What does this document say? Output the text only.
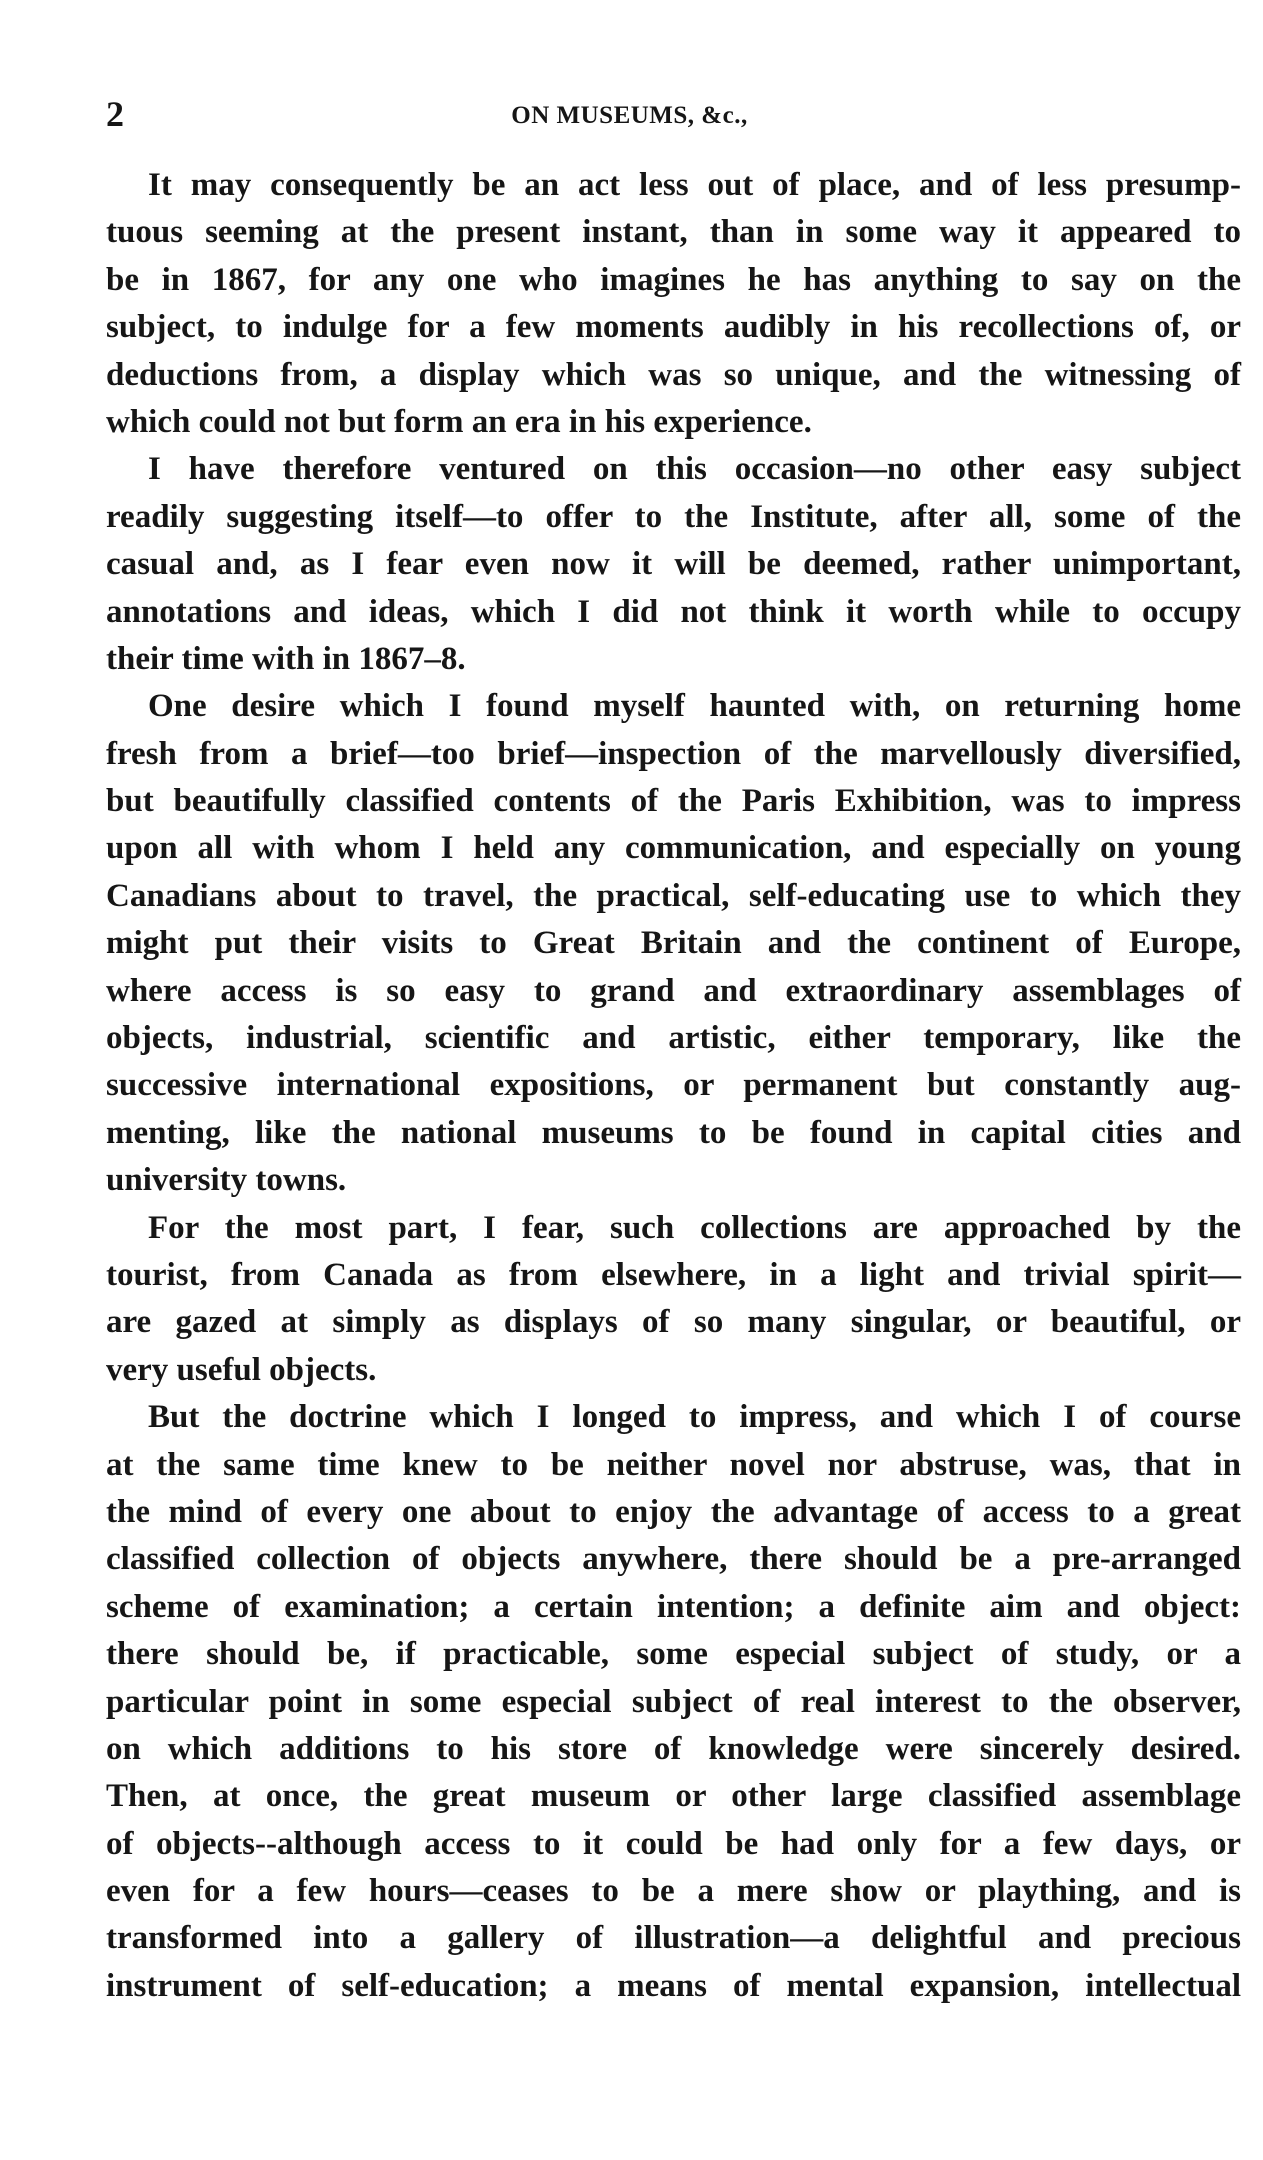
2	ON MUSEUMS, &c.,
It may consequently be an act less out of place, and of less presump-
tuous seeming at the present instant, than in some way it appeared to
be in 1867, for any one who imagines he has anything to say on the
subject, to indulge for a few moments audibly in his recollections of, or
deductions from, a display which was so unique, and the witnessing of
which could not but form an era in his experience.
I have therefore ventured on this occasion—no other easy subject
readily suggesting itself—to offer to the Institute, after all, some of the
casual and, as I fear even now it will be deemed, rather unimportant,
annotations and ideas, which I did not think it worth while to occupy
their time with in 1867–8.
One desire which I found myself haunted with, on returning home
fresh from a brief—too brief—inspection of the marvellously diversified,
but beautifully classified contents of the Paris Exhibition, was to impress
upon all with whom I held any communication, and especially on young
Canadians about to travel, the practical, self-educating use to which they
might put their visits to Great Britain and the continent of Europe,
where access is so easy to grand and extraordinary assemblages of
objects, industrial, scientific and artistic, either temporary, like the
successive international expositions, or permanent but constantly aug-
menting, like the national museums to be found in capital cities and
university towns.
For the most part, I fear, such collections are approached by the
tourist, from Canada as from elsewhere, in a light and trivial spirit—
are gazed at simply as displays of so many singular, or beautiful, or
very useful objects.
But the doctrine which I longed to impress, and which I of course
at the same time knew to be neither novel nor abstruse, was, that in
the mind of every one about to enjoy the advantage of access to a great
classified collection of objects anywhere, there should be a pre-arranged
scheme of examination; a certain intention; a definite aim and object:
there should be, if practicable, some especial subject of study, or a
particular point in some especial subject of real interest to the observer,
on which additions to his store of knowledge were sincerely desired.
Then, at once, the great museum or other large classified assemblage
of objects--although access to it could be had only for a few days, or
even for a few hours—ceases to be a mere show or plaything, and is
transformed into a gallery of illustration—a delightful and precious
instrument of self-education; a means of mental expansion, intellectual
